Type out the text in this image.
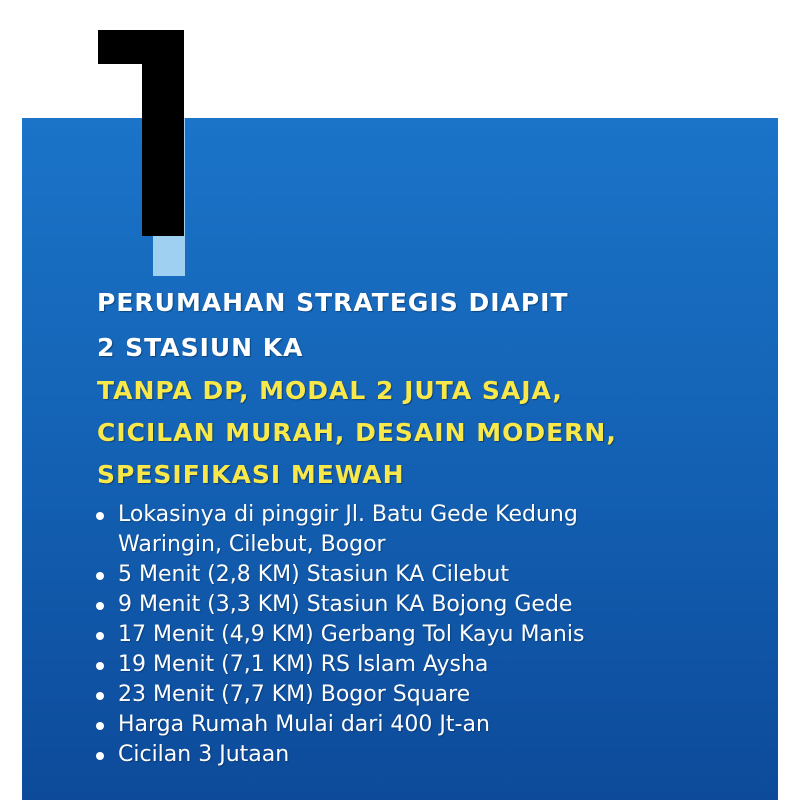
PERUMAHAN STRATEGIS DIAPIT
2 STASIUN KA
TANPA DP, MODAL 2 JUTA SAJA,
CICILAN MURAH, DESAIN MODERN,
SPESIFIKASI MEWAH
Lokasinya di pinggir Jl. Batu Gede Kedung Waringin, Cilebut, Bogor
5 Menit (2,8 KM) Stasiun KA Cilebut
9 Menit (3,3 KM) Stasiun KA Bojong Gede
17 Menit (4,9 KM) Gerbang Tol Kayu Manis
19 Menit (7,1 KM) RS Islam Aysha
23 Menit (7,7 KM) Bogor Square
Harga Rumah Mulai dari 400 Jt-an
Cicilan 3 Jutaan
